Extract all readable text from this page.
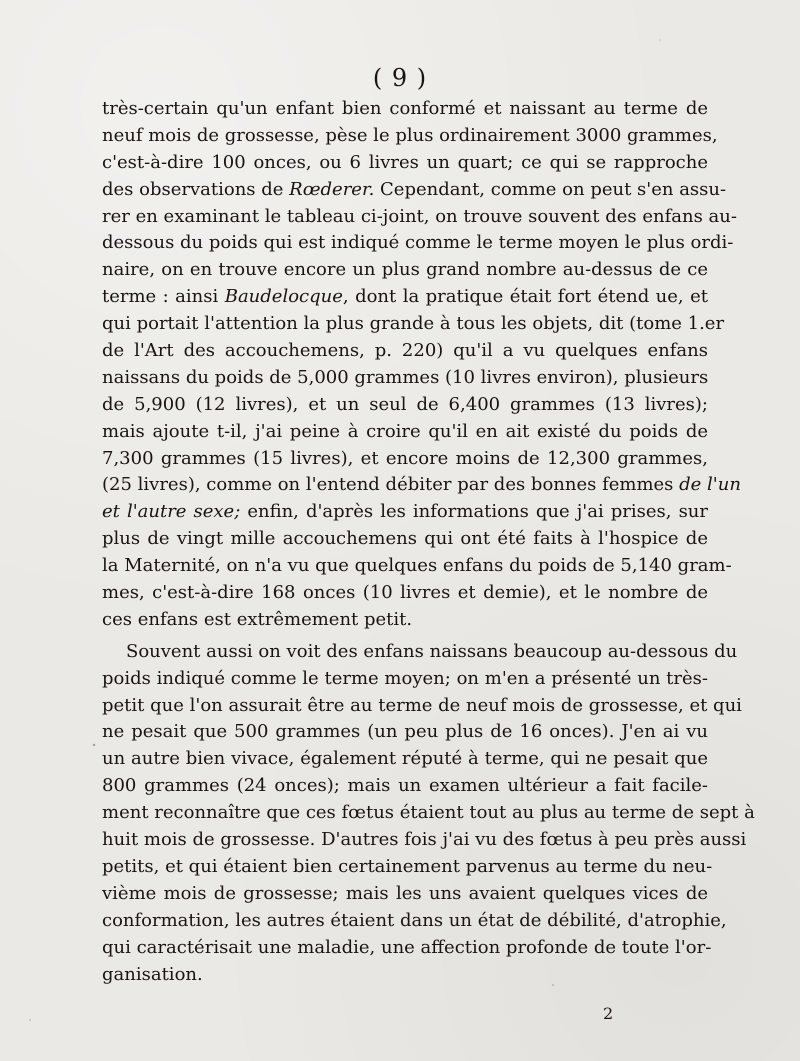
( 9 )
très-certain qu'un enfant bien conformé et naissant au terme de
neuf mois de grossesse, pèse le plus ordinairement 3000 grammes,
c'est-à-dire 100 onces, ou 6 livres un quart; ce qui se rapproche
des observations de Rœderer. Cependant, comme on peut s'en assu-
rer en examinant le tableau ci-joint, on trouve souvent des enfans au-
dessous du poids qui est indiqué comme le terme moyen le plus ordi-
naire, on en trouve encore un plus grand nombre au-dessus de ce
terme : ainsi Baudelocque, dont la pratique était fort étend ue, et
qui portait l'attention la plus grande à tous les objets, dit (tome 1.er
de l'Art des accouchemens, p. 220) qu'il a vu quelques enfans
naissans du poids de 5,000 grammes (10 livres environ), plusieurs
de 5,900 (12 livres), et un seul de 6,400 grammes (13 livres);
mais ajoute t-il, j'ai peine à croire qu'il en ait existé du poids de
7,300 grammes (15 livres), et encore moins de 12,300 grammes,
(25 livres), comme on l'entend débiter par des bonnes femmes de l'un
et l'autre sexe; enfin, d'après les informations que j'ai prises, sur
plus de vingt mille accouchemens qui ont été faits à l'hospice de
la Maternité, on n'a vu que quelques enfans du poids de 5,140 gram-
mes, c'est-à-dire 168 onces (10 livres et demie), et le nombre de
ces enfans est extrêmement petit.
Souvent aussi on voit des enfans naissans beaucoup au-dessous du
poids indiqué comme le terme moyen; on m'en a présenté un très-
petit que l'on assurait être au terme de neuf mois de grossesse, et qui
ne pesait que 500 grammes (un peu plus de 16 onces). J'en ai vu
un autre bien vivace, également réputé à terme, qui ne pesait que
800 grammes (24 onces); mais un examen ultérieur a fait facile-
ment reconnaître que ces fœtus étaient tout au plus au terme de sept à
huit mois de grossesse. D'autres fois j'ai vu des fœtus à peu près aussi
petits, et qui étaient bien certainement parvenus au terme du neu-
vième mois de grossesse; mais les uns avaient quelques vices de
conformation, les autres étaient dans un état de débilité, d'atrophie,
qui caractérisait une maladie, une affection profonde de toute l'or-
ganisation.
2
